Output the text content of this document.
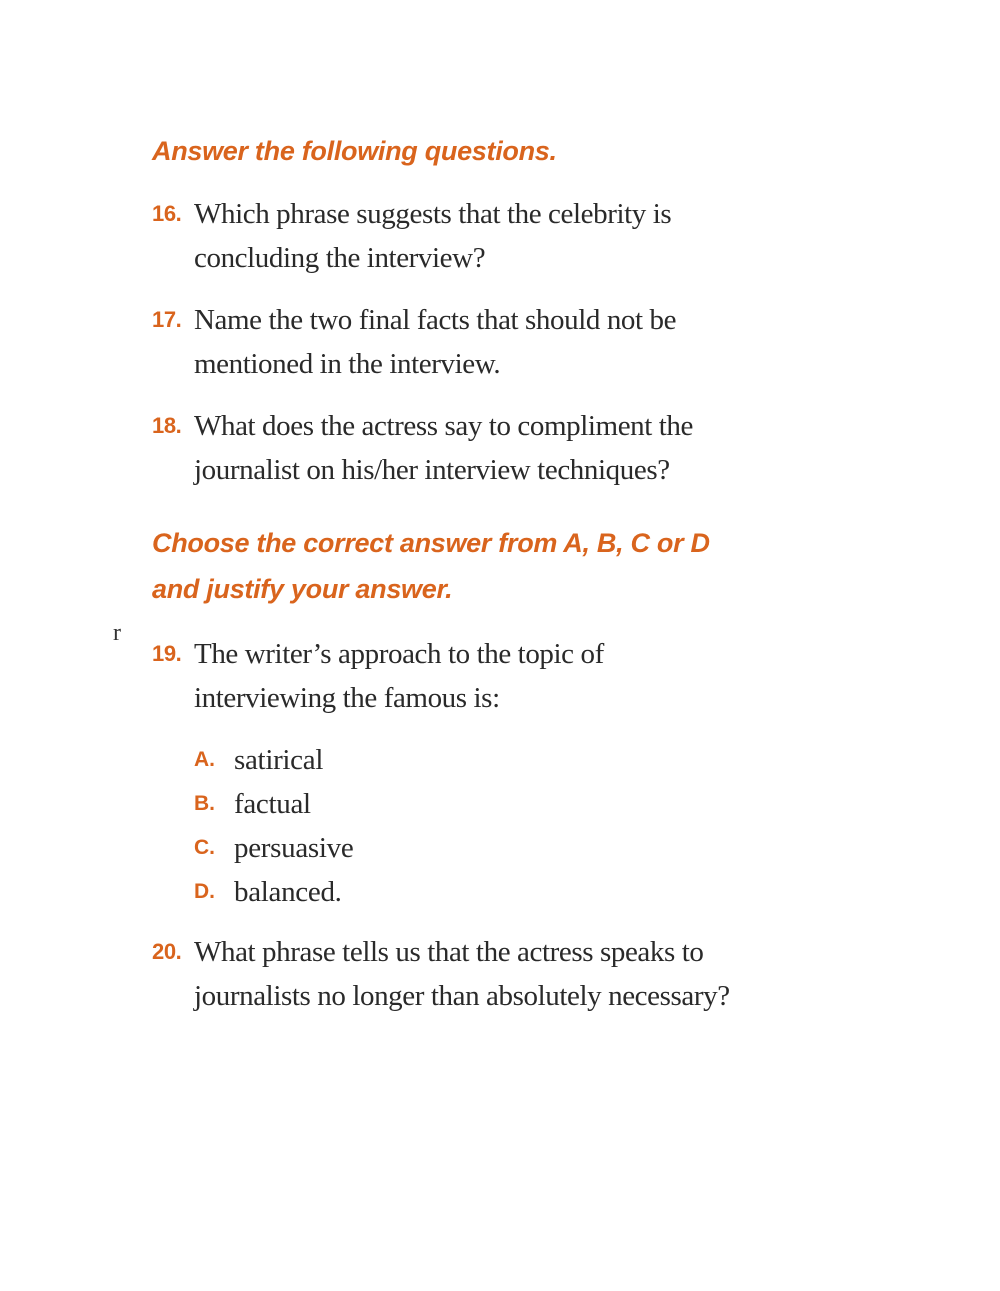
Answer the following questions.
16. Which phrase suggests that the celebrity is concluding the interview?
17. Name the two final facts that should not be mentioned in the interview.
18. What does the actress say to compliment the journalist on his/her interview techniques?
Choose the correct answer from A, B, C or D and justify your answer.
r
19. The writer’s approach to the topic of interviewing the famous is:
A. satirical
B. factual
C. persuasive
D. balanced.
20. What phrase tells us that the actress speaks to journalists no longer than absolutely necessary?
